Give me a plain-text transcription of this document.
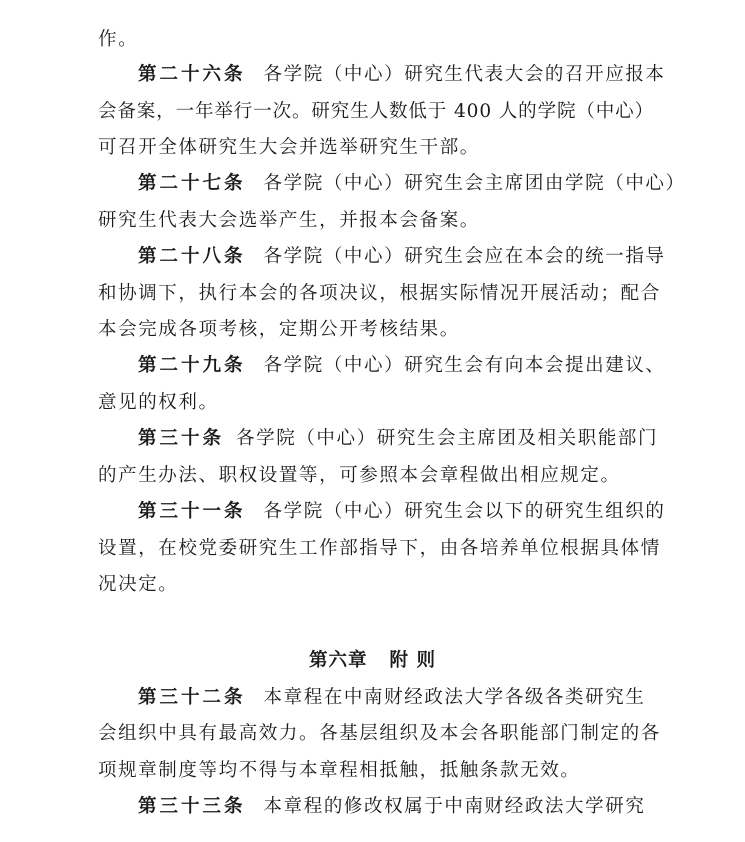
作。
第二十六条 各学院（中心）研究生代表大会的召开应报本
会备案，一年举行一次。研究生人数低于 400 人的学院（中心）
可召开全体研究生大会并选举研究生干部。
第二十七条 各学院（中心）研究生会主席团由学院（中心）
研究生代表大会选举产生，并报本会备案。
第二十八条 各学院（中心）研究生会应在本会的统一指导
和协调下，执行本会的各项决议，根据实际情况开展活动；配合
本会完成各项考核，定期公开考核结果。
第二十九条 各学院（中心）研究生会有向本会提出建议、
意见的权利。
第三十条 各学院（中心）研究生会主席团及相关职能部门
的产生办法、职权设置等，可参照本会章程做出相应规定。
第三十一条 各学院（中心）研究生会以下的研究生组织的
设置，在校党委研究生工作部指导下，由各培养单位根据具体情
况决定。
第六章 附 则
第三十二条 本章程在中南财经政法大学各级各类研究生
会组织中具有最高效力。各基层组织及本会各职能部门制定的各
项规章制度等均不得与本章程相抵触，抵触条款无效。
第三十三条 本章程的修改权属于中南财经政法大学研究
